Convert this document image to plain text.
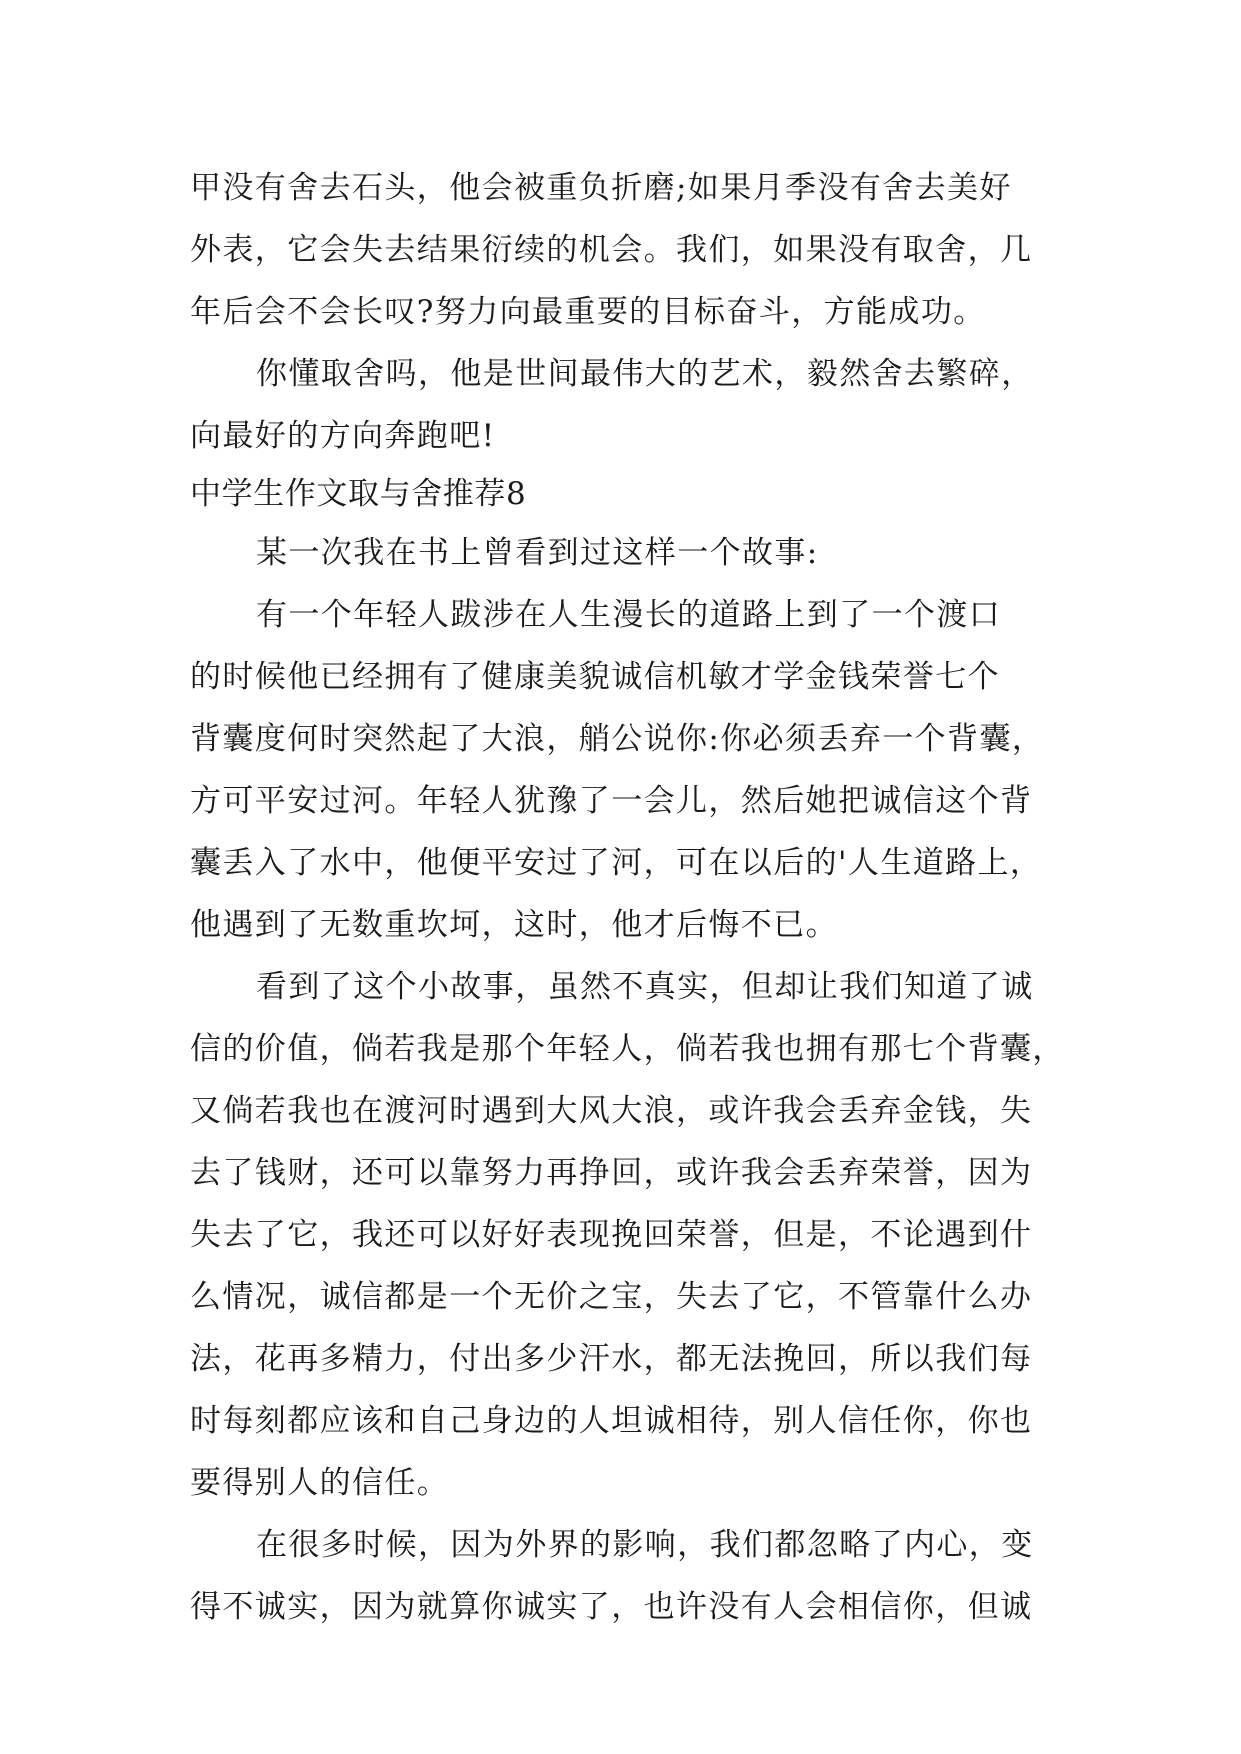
甲没有舍去石头，他会被重负折磨;如果月季没有舍去美好
外表，它会失去结果衍续的机会。我们，如果没有取舍，几
年后会不会长叹?努力向最重要的目标奋斗，方能成功。
你懂取舍吗，他是世间最伟大的艺术，毅然舍去繁碎，
向最好的方向奔跑吧!
中学生作文取与舍推荐8
某一次我在书上曾看到过这样一个故事:
有一个年轻人跋涉在人生漫长的道路上到了一个渡口
的时候他已经拥有了健康美貌诚信机敏才学金钱荣誉七个
背囊度何时突然起了大浪，艄公说你:你必须丢弃一个背囊，
方可平安过河。年轻人犹豫了一会儿，然后她把诚信这个背
囊丢入了水中，他便平安过了河，可在以后的'人生道路上，
他遇到了无数重坎坷，这时，他才后悔不已。
看到了这个小故事，虽然不真实，但却让我们知道了诚
信的价值，倘若我是那个年轻人，倘若我也拥有那七个背囊，
又倘若我也在渡河时遇到大风大浪，或许我会丢弃金钱，失
去了钱财，还可以靠努力再挣回，或许我会丢弃荣誉，因为
失去了它，我还可以好好表现挽回荣誉，但是，不论遇到什
么情况，诚信都是一个无价之宝，失去了它，不管靠什么办
法，花再多精力，付出多少汗水，都无法挽回，所以我们每
时每刻都应该和自己身边的人坦诚相待，别人信任你，你也
要得别人的信任。
在很多时候，因为外界的影响，我们都忽略了内心，变
得不诚实，因为就算你诚实了，也许没有人会相信你，但诚
